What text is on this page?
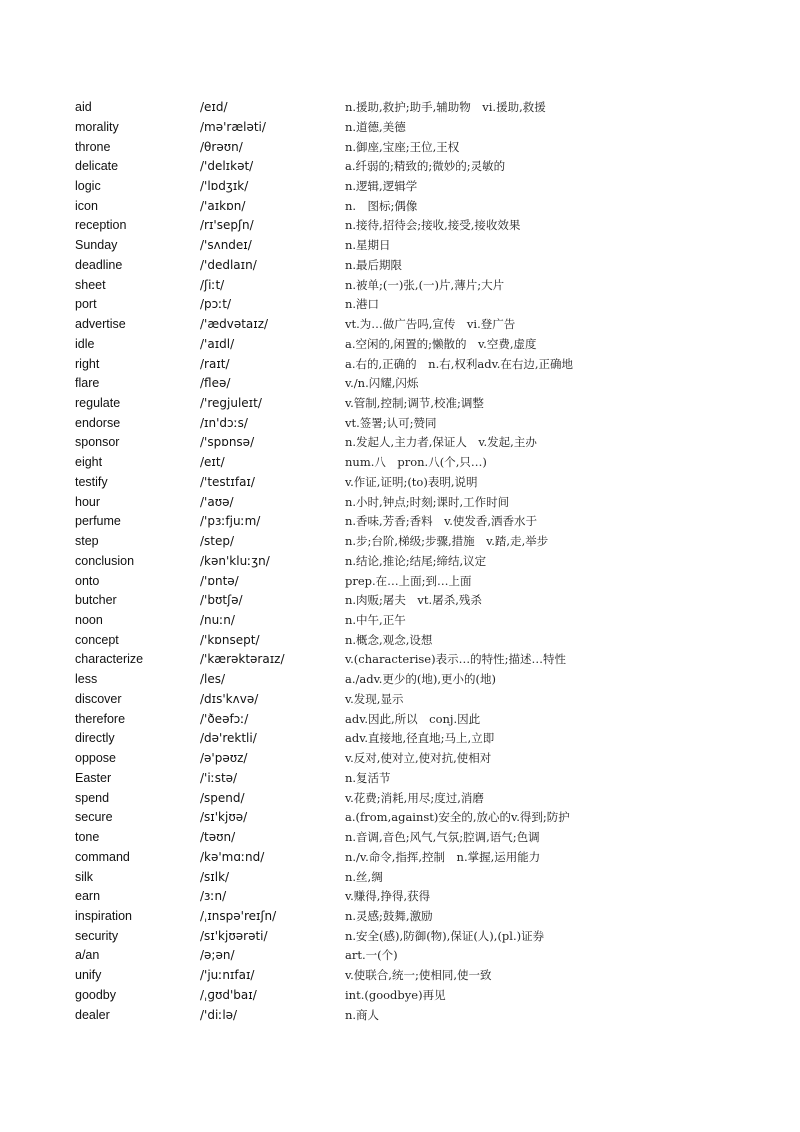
aid	/eɪd/	n.援助,救护;助手,辅助物　vi.援助,救援
morality	/mə'ræləti/	n.道德,美德
throne	/θrəʊn/	n.御座,宝座;王位,王权
delicate	/'delɪkət/	a.纤弱的;精致的;微妙的;灵敏的
logic	/'lɒdʒɪk/	n.逻辑,逻辑学
icon	/'aɪkɒn/	n.　图标;偶像
reception	/rɪ'sepʃn/	n.接待,招待会;接收,接受,接收效果
Sunday	/'sʌndeɪ/	n.星期日
deadline	/'dedlaɪn/	n.最后期限
sheet	/ʃiːt/	n.被单;(一)张,(一)片,薄片;大片
port	/pɔːt/	n.港口
advertise	/'ædvətaɪz/	vt.为…做广告吗,宣传　vi.登广告
idle	/'aɪdl/	a.空闲的,闲置的;懒散的　v.空费,虚度
right	/raɪt/	a.右的,正确的　n.右,权利adv.在右边,正确地
flare	/fleə/	v./n.闪耀,闪烁
regulate	/'regjuleɪt/	v.管制,控制;调节,校准;调整
endorse	/ɪn'dɔːs/	vt.签署;认可;赞同
sponsor	/'spɒnsə/	n.发起人,主力者,保证人　v.发起,主办
eight	/eɪt/	num.八　pron.八(个,只…)
testify	/'testɪfaɪ/	v.作证,证明;(to)表明,说明
hour	/'aʊə/	n.小时,钟点;时刻;课时,工作时间
perfume	/'pɜːfjuːm/	n.香味,芳香;香料　v.使发香,洒香水于
step	/step/	n.步;台阶,梯级;步骤,措施　v.踏,走,举步
conclusion	/kən'kluːʒn/	n.结论,推论;结尾;缔结,议定
onto	/'ɒntə/	prep.在…上面;到…上面
butcher	/'bʊtʃə/	n.肉贩;屠夫　vt.屠杀,残杀
noon	/nuːn/	n.中午,正午
concept	/'kɒnsept/	n.概念,观念,设想
characterize	/'kærəktəraɪz/	v.(characterise)表示…的特性;描述…特性
less	/les/	a./adv.更少的(地),更小的(地)
discover	/dɪs'kʌvə/	v.发现,显示
therefore	/'ðeəfɔː/	adv.因此,所以　conj.因此
directly	/də'rektli/	adv.直接地,径直地;马上,立即
oppose	/ə'pəʊz/	v.反对,使对立,使对抗,使相对
Easter	/'iːstə/	n.复活节
spend	/spend/	v.花费;消耗,用尽;度过,消磨
secure	/sɪ'kjʊə/	a.(from,against)安全的,放心的v.得到;防护
tone	/təʊn/	n.音调,音色;风气,气氛;腔调,语气;色调
command	/kə'mɑːnd/	n./v.命令,指挥,控制　n.掌握,运用能力
silk	/sɪlk/	n.丝,绸
earn	/ɜːn/	v.赚得,挣得,获得
inspiration	/ˌɪnspə'reɪʃn/	n.灵感;鼓舞,激励
security	/sɪ'kjʊərəti/	n.安全(感),防御(物),保证(人),(pl.)证券
a/an	/ə;ən/	art.一(个)
unify	/'juːnɪfaɪ/	v.使联合,统一;使相同,使一致
goodby	/ˌɡʊd'baɪ/	int.(goodbye)再见
dealer	/'diːlə/	n.商人
